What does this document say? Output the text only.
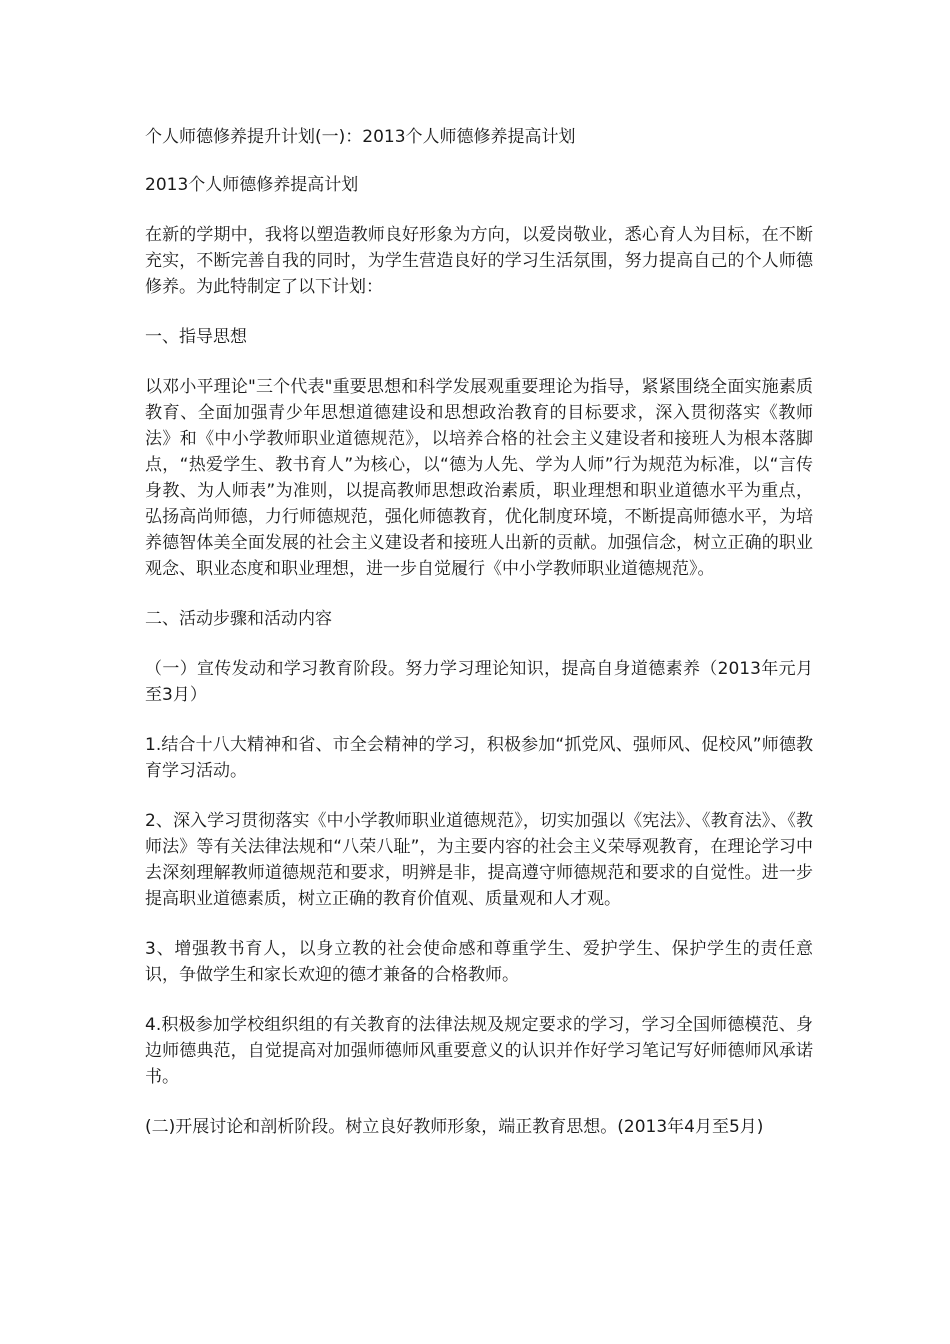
个人师德修养提升计划(一)：2013个人师德修养提高计划

2013个人师德修养提高计划

在新的学期中，我将以塑造教师良好形象为方向，以爱岗敬业，悉心育人为目标，在不断充实，不断完善自我的同时，为学生营造良好的学习生活氛围，努力提高自己的个人师德修养。为此特制定了以下计划：

一、指导思想

以邓小平理论"三个代表"重要思想和科学发展观重要理论为指导，紧紧围绕全面实施素质教育、全面加强青少年思想道德建设和思想政治教育的目标要求，深入贯彻落实《教师法》和《中小学教师职业道德规范》，以培养合格的社会主义建设者和接班人为根本落脚点，“热爱学生、教书育人”为核心，以“德为人先、学为人师”行为规范为标准，以“言传身教、为人师表”为准则，以提高教师思想政治素质，职业理想和职业道德水平为重点，弘扬高尚师德，力行师德规范，强化师德教育，优化制度环境，不断提高师德水平，为培养德智体美全面发展的社会主义建设者和接班人出新的贡献。加强信念，树立正确的职业观念、职业态度和职业理想，进一步自觉履行《中小学教师职业道德规范》。

二、活动步骤和活动内容

（一）宣传发动和学习教育阶段。努力学习理论知识，提高自身道德素养（2013年元月至3月）

1.结合十八大精神和省、市全会精神的学习，积极参加“抓党风、强师风、促校风”师德教育学习活动。

2、深入学习贯彻落实《中小学教师职业道德规范》，切实加强以《宪法》、《教育法》、《教师法》等有关法律法规和“八荣八耻”，为主要内容的社会主义荣辱观教育，在理论学习中去深刻理解教师道德规范和要求，明辨是非，提高遵守师德规范和要求的自觉性。进一步提高职业道德素质，树立正确的教育价值观、质量观和人才观。

3、增强教书育人，以身立教的社会使命感和尊重学生、爱护学生、保护学生的责任意识，争做学生和家长欢迎的德才兼备的合格教师。

4.积极参加学校组织组的有关教育的法律法规及规定要求的学习，学习全国师德模范、身边师德典范，自觉提高对加强师德师风重要意义的认识并作好学习笔记写好师德师风承诺书。

(二)开展讨论和剖析阶段。树立良好教师形象，端正教育思想。(2013年4月至5月)
